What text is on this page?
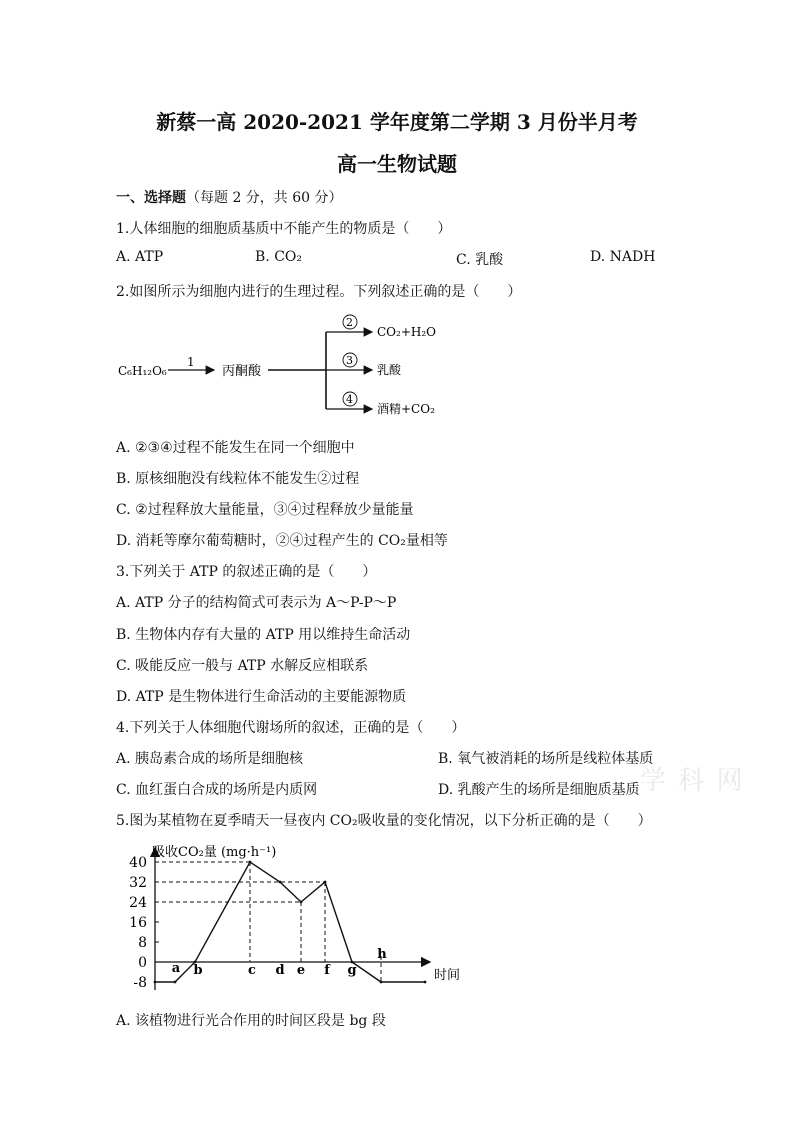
新蔡一高 2020-2021 学年度第二学期 3 月份半月考
高一生物试题
一、选择题（每题 2 分，共 60 分）
1.人体细胞的细胞质基质中不能产生的物质是（　　）
A. ATP	B. CO₂	C. 乳酸	D. NADH
2.如图所示为细胞内进行的生理过程。下列叙述正确的是（　　）
C₆H₁₂O₆
1
丙酮酸
2
3
4
CO₂+H₂O
乳酸
酒精+CO₂
A. ②③④过程不能发生在同一个细胞中
B. 原核细胞没有线粒体不能发生②过程
C. ②过程释放大量能量，③④过程释放少量能量
D. 消耗等摩尔葡萄糖时，②④过程产生的 CO₂量相等
3.下列关于 ATP 的叙述正确的是（　　）
A. ATP 分子的结构简式可表示为 A～P-P～P
B. 生物体内存有大量的 ATP 用以维持生命活动
C. 吸能反应一般与 ATP 水解反应相联系
D. ATP 是生物体进行生命活动的主要能源物质
4.下列关于人体细胞代谢场所的叙述，正确的是（　　）
A. 胰岛素合成的场所是细胞核	B. 氧气被消耗的场所是线粒体基质
C. 血红蛋白合成的场所是内质网	D. 乳酸产生的场所是细胞质基质 学 科 网
5.图为某植物在夏季晴天一昼夜内 CO₂吸收量的变化情况，以下分析正确的是（　　）
吸收CO₂量 (mg·h⁻¹)
时间
40
32
24
16
8
0
-8
a b	c d e f g
h
A. 该植物进行光合作用的时间区段是 bg 段
